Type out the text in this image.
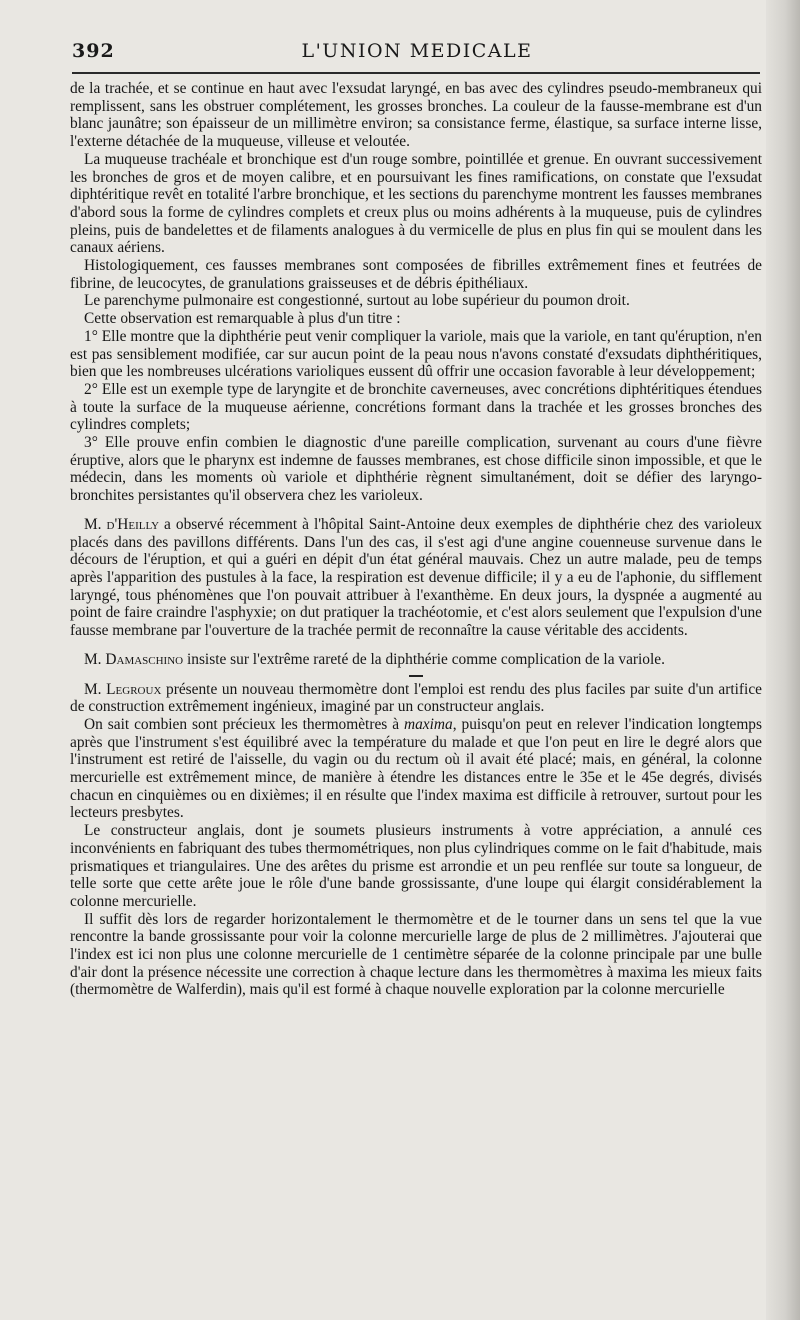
392	L'UNION MEDICALE

de la trachée, et se continue en haut avec l'exsudat laryngé, en bas avec des cylindres pseudo-membraneux qui remplissent, sans les obstruer complétement, les grosses bronches. La couleur de la fausse-membrane est d'un blanc jaunâtre; son épaisseur de un millimètre environ; sa consistance ferme, élastique, sa surface interne lisse, l'externe détachée de la muqueuse, villeuse et veloutée.

La muqueuse trachéale et bronchique est d'un rouge sombre, pointillée et grenue. En ouvrant successivement les bronches de gros et de moyen calibre, et en poursuivant les fines ramifications, on constate que l'exsudat diphtéritique revêt en totalité l'arbre bronchique, et les sections du parenchyme montrent les fausses membranes d'abord sous la forme de cylindres complets et creux plus ou moins adhérents à la muqueuse, puis de cylindres pleins, puis de bandelettes et de filaments analogues à du vermicelle de plus en plus fin qui se moulent dans les canaux aériens.

Histologiquement, ces fausses membranes sont composées de fibrilles extrêmement fines et feutrées de fibrine, de leucocytes, de granulations graisseuses et de débris épithéliaux.

Le parenchyme pulmonaire est congestionné, surtout au lobe supérieur du poumon droit.

Cette observation est remarquable à plus d'un titre :

1° Elle montre que la diphthérie peut venir compliquer la variole, mais que la variole, en tant qu'éruption, n'en est pas sensiblement modifiée, car sur aucun point de la peau nous n'avons constaté d'exsudats diphthéritiques, bien que les nombreuses ulcérations varioliques eussent dû offrir une occasion favorable à leur développement;

2° Elle est un exemple type de laryngite et de bronchite caverneuses, avec concrétions diphtéritiques étendues à toute la surface de la muqueuse aérienne, concrétions formant dans la trachée et les grosses bronches des cylindres complets;

3° Elle prouve enfin combien le diagnostic d'une pareille complication, survenant au cours d'une fièvre éruptive, alors que le pharynx est indemne de fausses membranes, est chose difficile sinon impossible, et que le médecin, dans les moments où variole et diphthérie règnent simultanément, doit se défier des laryngo-bronchites persistantes qu'il observera chez les varioleux.

M. d'Heilly a observé récemment à l'hôpital Saint-Antoine deux exemples de diphthérie chez des varioleux placés dans des pavillons différents. Dans l'un des cas, il s'est agi d'une angine couenneuse survenue dans le décours de l'éruption, et qui a guéri en dépit d'un état général mauvais. Chez un autre malade, peu de temps après l'apparition des pustules à la face, la respiration est devenue difficile; il y a eu de l'aphonie, du sifflement laryngé, tous phénomènes que l'on pouvait attribuer à l'exanthème. En deux jours, la dyspnée a augmenté au point de faire craindre l'asphyxie; on dut pratiquer la trachéotomie, et c'est alors seulement que l'expulsion d'une fausse membrane par l'ouverture de la trachée permit de reconnaître la cause véritable des accidents.

M. Damaschino insiste sur l'extrême rareté de la diphthérie comme complication de la variole.

M. Legroux présente un nouveau thermomètre dont l'emploi est rendu des plus faciles par suite d'un artifice de construction extrêmement ingénieux, imaginé par un constructeur anglais.

On sait combien sont précieux les thermomètres à maxima, puisqu'on peut en relever l'indication longtemps après que l'instrument s'est équilibré avec la température du malade et que l'on peut en lire le degré alors que l'instrument est retiré de l'aisselle, du vagin ou du rectum où il avait été placé; mais, en général, la colonne mercurielle est extrêmement mince, de manière à étendre les distances entre le 35e et le 45e degrés, divisés chacun en cinquièmes ou en dixièmes; il en résulte que l'index maxima est difficile à retrouver, surtout pour les lecteurs presbytes.

Le constructeur anglais, dont je soumets plusieurs instruments à votre appréciation, a annulé ces inconvénients en fabriquant des tubes thermométriques, non plus cylindriques comme on le fait d'habitude, mais prismatiques et triangulaires. Une des arêtes du prisme est arrondie et un peu renflée sur toute sa longueur, de telle sorte que cette arête joue le rôle d'une bande grossissante, d'une loupe qui élargit considérablement la colonne mercurielle.

Il suffit dès lors de regarder horizontalement le thermomètre et de le tourner dans un sens tel que la vue rencontre la bande grossissante pour voir la colonne mercurielle large de plus de 2 millimètres. J'ajouterai que l'index est ici non plus une colonne mercurielle de 1 centimètre séparée de la colonne principale par une bulle d'air dont la présence nécessite une correction à chaque lecture dans les thermomètres à maxima les mieux faits (thermomètre de Walferdin), mais qu'il est formé à chaque nouvelle exploration par la colonne mercurielle
